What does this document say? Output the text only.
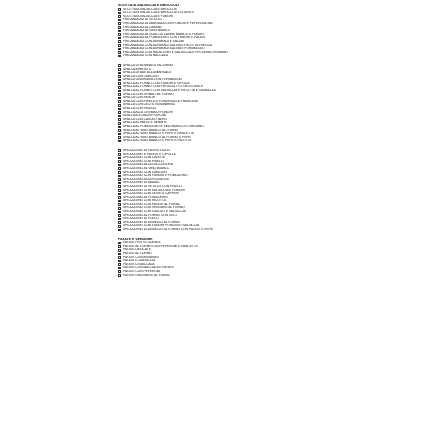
SCOTTATA SALSICCIA E BROCCOLI
SCOTTATA SALSICCIA E BROCCOLI
SCOTTATA SALSICCIA E BROCCOLI DI LARICO
SCOTTATA SALSICCIA E FUNGHI
FRICANDEAU DI VITELLO
FRICANDEAU AL MARSALA CON FUNGHI E PEPERONCINO
FRICANDEAU AL LIMONE
FRICANDEAU AL VINO BIANCO
FRICANDEAU AL SUGO DI CARNE BIANCO E FUNGHI
FRICANDEAU AL POMODORO CON FUNGHI E PATATE
FRICANDEAU CON ASPARAGI E SALVIA
FRICANDEAU CON ASPARAGI SALVIA E RICOTTA FRESCA
FRICANDEAU CON ASPARAGI SALVIA E FORMAGGIO
FRICANDEAU CON RADICCHIO E SALSICCIA E PECORINO ROMANO
FRICANDEAU CON BACCALA
SPALLA DI BOVINA DI TACCHINO
SPALLA ARROSTO
SPALLA DI BUE ALLA MARSALA
SPALLA CON CARCIOFI
SPALLA GRATINATA CON FORMAGGIO
SPALLA AL FORNO CON FUNGHI E CIPOLLE
SPALLA AL FORNO CON PROSCIUTTO CROCCANTE
SPALLA AL FORNO CON SALSICCIA E RICOTTA E CANNELLA
SPALLA CON SPINACI AL FORNO
SPALLA CON PATATE
SPALLA CON PISELLI E FUNGHI ALLA FRANCESE
SPALLA CON CECI E ROSMARINO
SPALLA CON FAGIOLI
SPALLA ALLA CREMA DI FUNGHI
SPALLA AI FUNGHI PORCINI
SPALLA CON CAVOLO NERO
SPALLA AL MIELE E SENAPE
SPALLA AL POMODORO E VINO BIANCO E ORIGANO
SPALLA AL VINO BIANCO AL FORNO
SPALLA AL VINO BIANCO E PEPE E PANCETTA
SPALLA AL VINO BIANCO AL FORNO E PEPE
SPALLA AL VINO BIANCO E PEPE E RICOTTA
SPEZZATINO DI PATATE DOLCI
SPEZZATINO E PATATE E CIPOLLE
SPEZZATINO CON CAROTE
SPEZZATINO CON PISELLI
SPEZZATINO ALLA CACCIATORA
SPEZZATINO AL VINO BIANCO
SPEZZATINO CON CARCIOFI
SPEZZATINO CON FUNGHI E POMODORO
SPEZZATINO ALLA PIZZAIOLA
SPEZZATINO DI MAIALE
SPEZZATINO DI VITELLO CON PISELLI
SPEZZATINO CON SALSICCIA E FUNGHI
SPEZZATINO CON OLIVE E CAPPERI
SPEZZATINO AL POMODORO
SPEZZATINO CON RICOTTA
SPEZZATINO CON PATATE AL FORNO
SPEZZATINO CON VERDURE AL FORNO
SPEZZATINO CON CAVOLO E SALSICCIA
SPEZZATINO AL FORNO CON CECI
SPEZZATINO DI POLLO
SPEZZATINO DI AGNELLO AL FORNO
SPEZZATINO CON FUNGHI PORCINI E SALSICCIA
SPEZZATINO DI AGNELLO AL FORNO CON PATATE E PEPE
PATATE E VERDURE
PATATE FRITTE DORATE
PATATE AL FORNO CON PEPERONI E PANCETTA
PATATE DELICATE
PATATE AL FORNO
PATATE CON ASPARAGI
PATATE E SALSICCIA
PATATE DI BACCALA
PATATE CON BACCALA E PATATE
PATATE CON PEPERONI
PATATE GRATINATE AL FORNO
